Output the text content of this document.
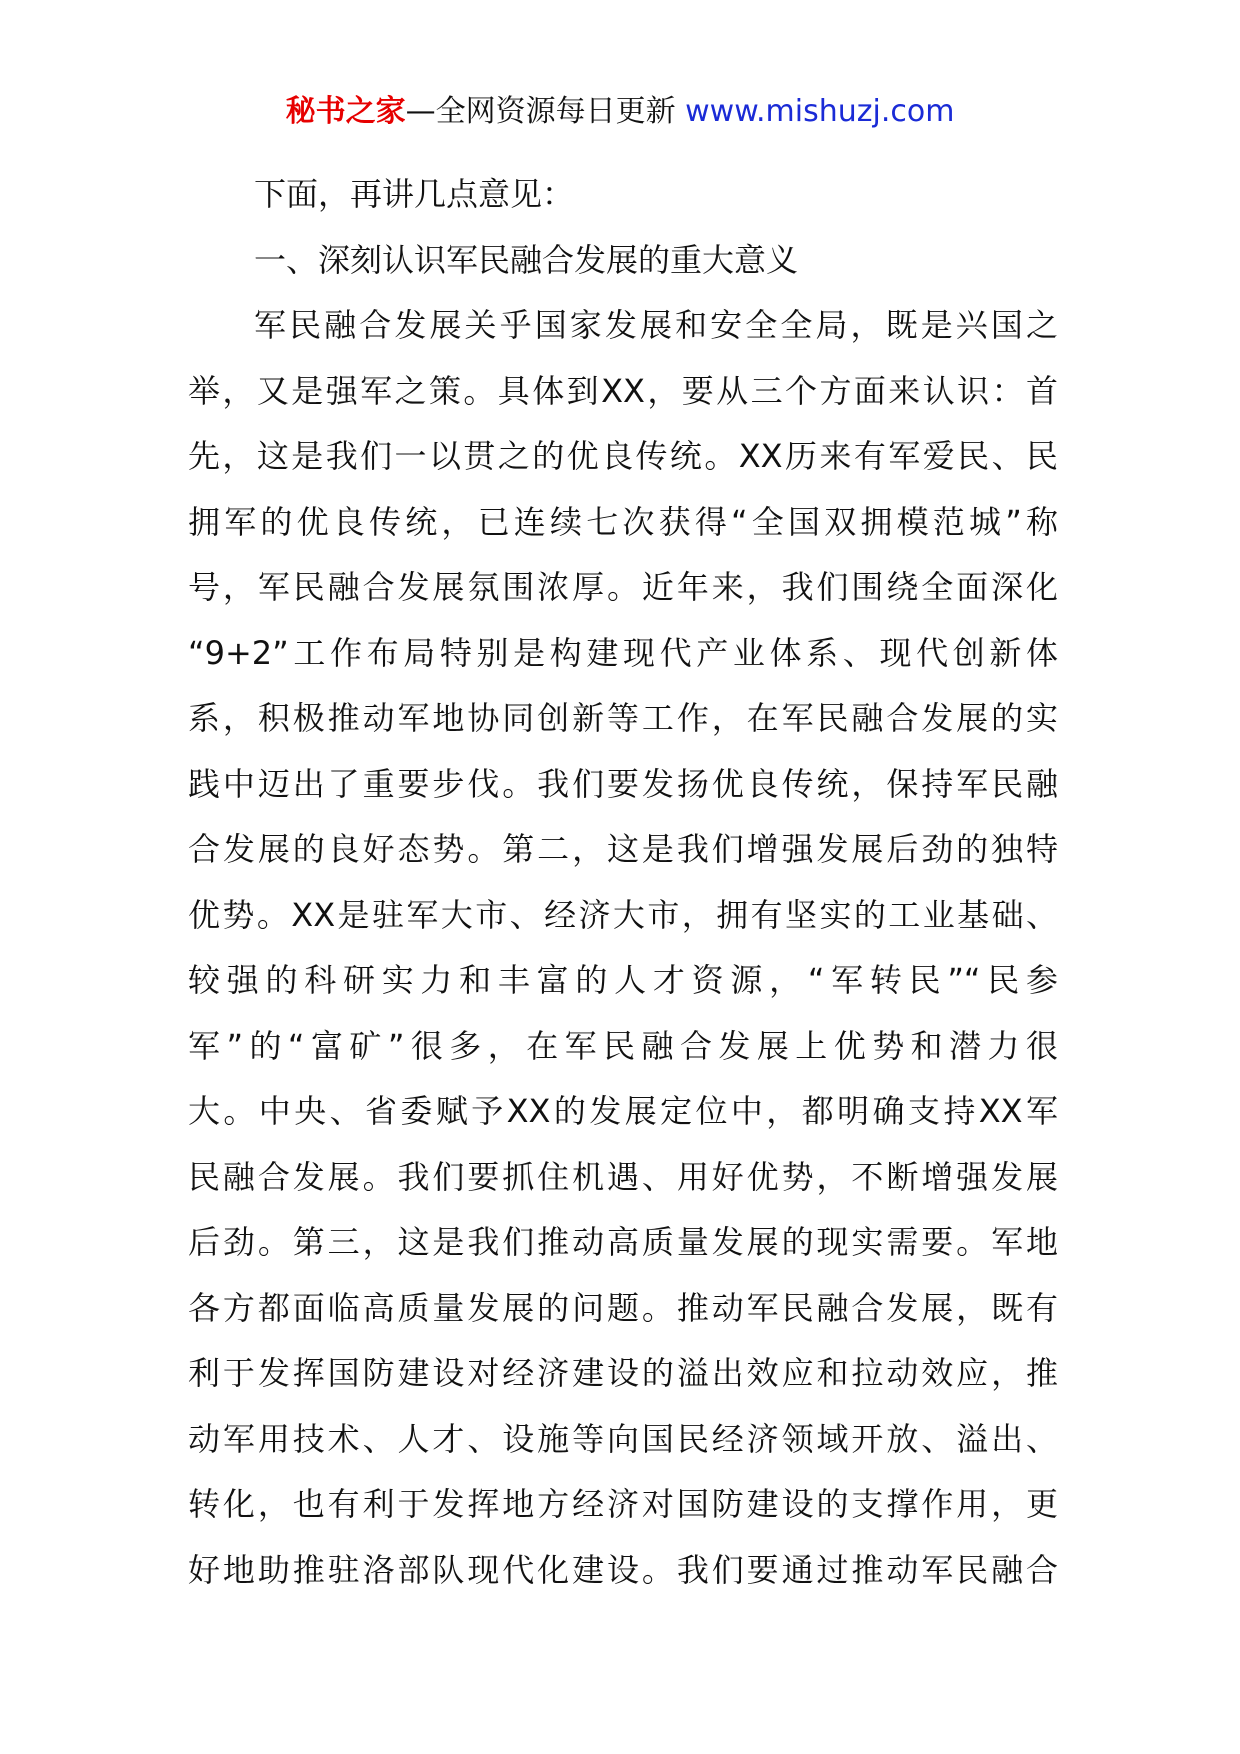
秘书之家—全网资源每日更新 www.mishuzj.com
下面，再讲几点意见：
一、深刻认识军民融合发展的重大意义
军民融合发展关乎国家发展和安全全局，既是兴国之
举，又是强军之策。具体到XX，要从三个方面来认识：首
先，这是我们一以贯之的优良传统。XX历来有军爱民、民
拥军的优良传统，已连续七次获得“全国双拥模范城”称
号，军民融合发展氛围浓厚。近年来，我们围绕全面深化
“9+2”工作布局特别是构建现代产业体系、现代创新体
系，积极推动军地协同创新等工作，在军民融合发展的实
践中迈出了重要步伐。我们要发扬优良传统，保持军民融
合发展的良好态势。第二，这是我们增强发展后劲的独特
优势。XX是驻军大市、经济大市，拥有坚实的工业基础、
较强的科研实力和丰富的人才资源，“军转民”“民参
军”的“富矿”很多，在军民融合发展上优势和潜力很
大。中央、省委赋予XX的发展定位中，都明确支持XX军
民融合发展。我们要抓住机遇、用好优势，不断增强发展
后劲。第三，这是我们推动高质量发展的现实需要。军地
各方都面临高质量发展的问题。推动军民融合发展，既有
利于发挥国防建设对经济建设的溢出效应和拉动效应，推
动军用技术、人才、设施等向国民经济领域开放、溢出、
转化，也有利于发挥地方经济对国防建设的支撑作用，更
好地助推驻洛部队现代化建设。我们要通过推动军民融合
